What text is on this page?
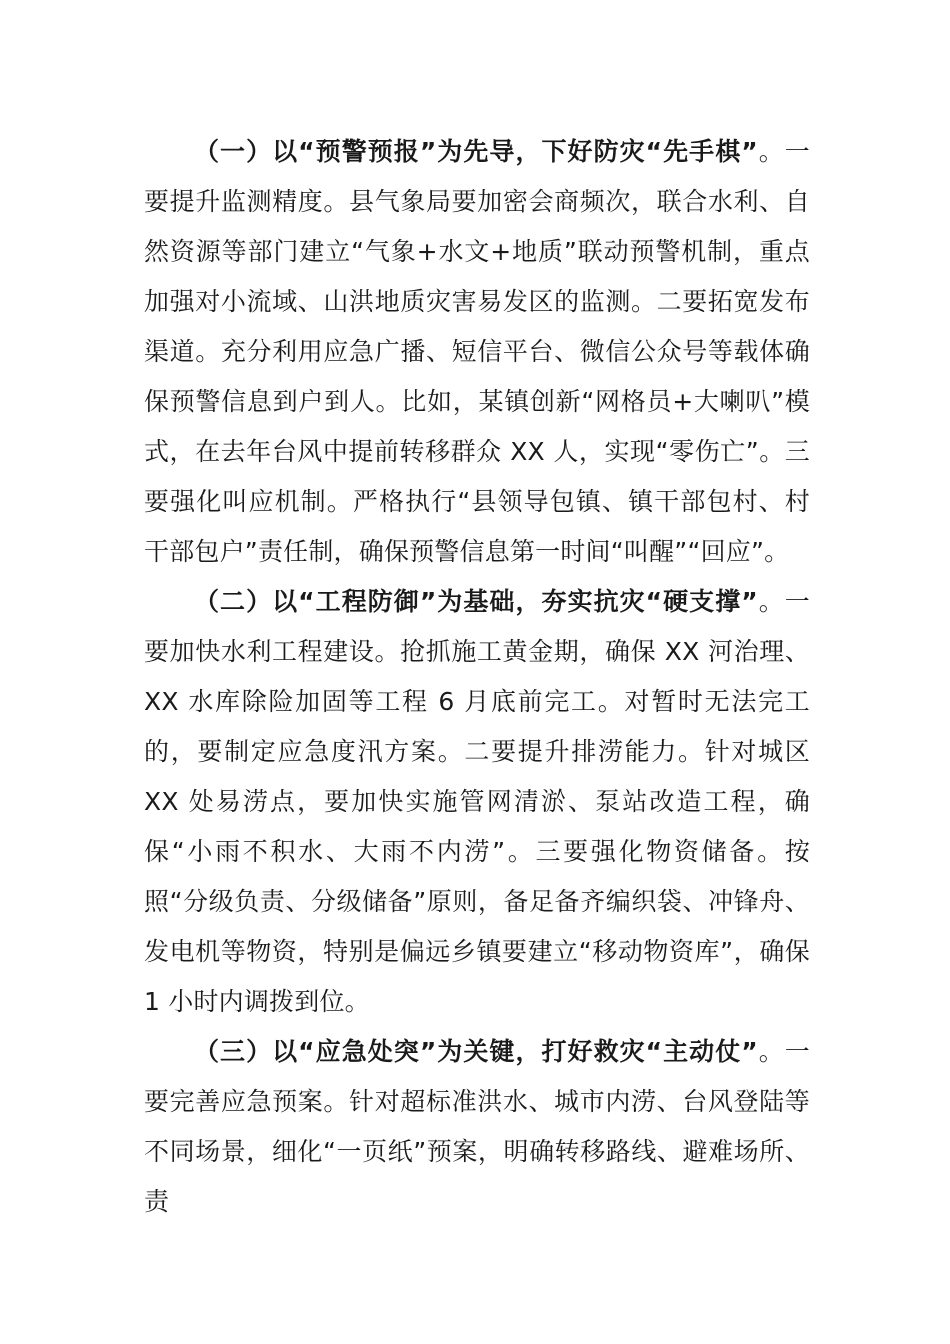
（一）以“预警预报”为先导，下好防灾“先手棋”。一要提升监测精度。县气象局要加密会商频次，联合水利、自然资源等部门建立“气象+水文+地质”联动预警机制，重点加强对小流域、山洪地质灾害易发区的监测。二要拓宽发布渠道。充分利用应急广播、短信平台、微信公众号等载体确保预警信息到户到人。比如，某镇创新“网格员+大喇叭”模式，在去年台风中提前转移群众 XX 人，实现“零伤亡”。三要强化叫应机制。严格执行“县领导包镇、镇干部包村、村干部包户”责任制，确保预警信息第一时间“叫醒”“回应”。

（二）以“工程防御”为基础，夯实抗灾“硬支撑”。一要加快水利工程建设。抢抓施工黄金期，确保 XX 河治理、XX 水库除险加固等工程 6 月底前完工。对暂时无法完工的，要制定应急度汛方案。二要提升排涝能力。针对城区 XX 处易涝点，要加快实施管网清淤、泵站改造工程，确保“小雨不积水、大雨不内涝”。三要强化物资储备。按照“分级负责、分级储备”原则，备足备齐编织袋、冲锋舟、发电机等物资，特别是偏远乡镇要建立“移动物资库”，确保 1 小时内调拨到位。

（三）以“应急处突”为关键，打好救灾“主动仗”。一要完善应急预案。针对超标准洪水、城市内涝、台风登陆等不同场景，细化“一页纸”预案，明确转移路线、避难场所、责
